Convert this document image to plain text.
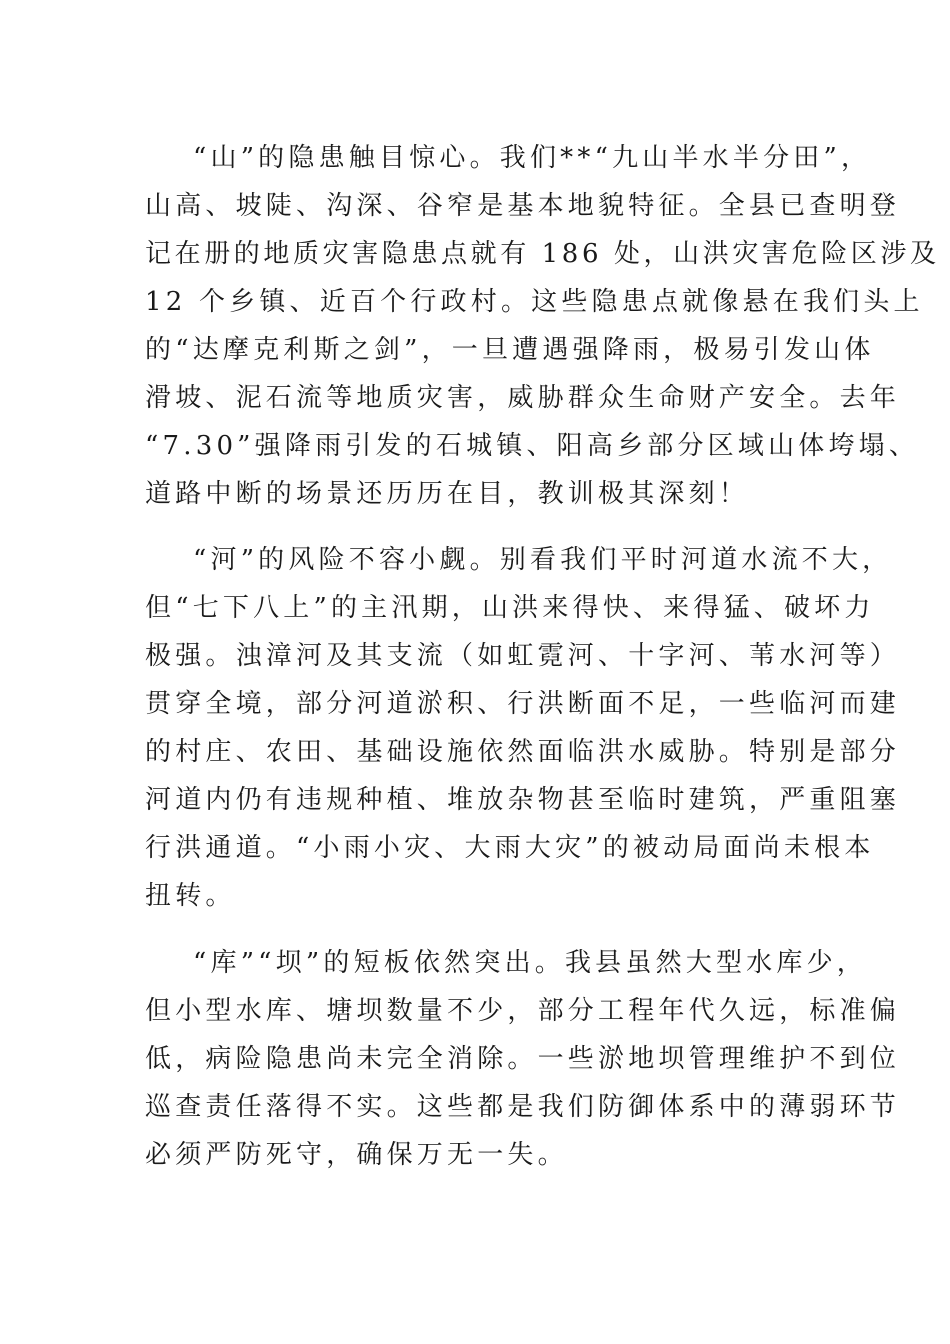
“山”的隐患触目惊心。我们**“九山半水半分田”，
山高、坡陡、沟深、谷窄是基本地貌特征。全县已查明登
记在册的地质灾害隐患点就有 186 处，山洪灾害危险区涉及
12 个乡镇、近百个行政村。这些隐患点就像悬在我们头上
的“达摩克利斯之剑”，一旦遭遇强降雨，极易引发山体
滑坡、泥石流等地质灾害，威胁群众生命财产安全。去年
“7.30”强降雨引发的石城镇、阳高乡部分区域山体垮塌、
道路中断的场景还历历在目，教训极其深刻！
“河”的风险不容小觑。别看我们平时河道水流不大，
但“七下八上”的主汛期，山洪来得快、来得猛、破坏力
极强。浊漳河及其支流（如虹霓河、十字河、苇水河等）
贯穿全境，部分河道淤积、行洪断面不足，一些临河而建
的村庄、农田、基础设施依然面临洪水威胁。特别是部分
河道内仍有违规种植、堆放杂物甚至临时建筑，严重阻塞
行洪通道。“小雨小灾、大雨大灾”的被动局面尚未根本
扭转。
“库”“坝”的短板依然突出。我县虽然大型水库少，
但小型水库、塘坝数量不少，部分工程年代久远，标准偏
低，病险隐患尚未完全消除。一些淤地坝管理维护不到位
巡查责任落得不实。这些都是我们防御体系中的薄弱环节
必须严防死守，确保万无一失。
